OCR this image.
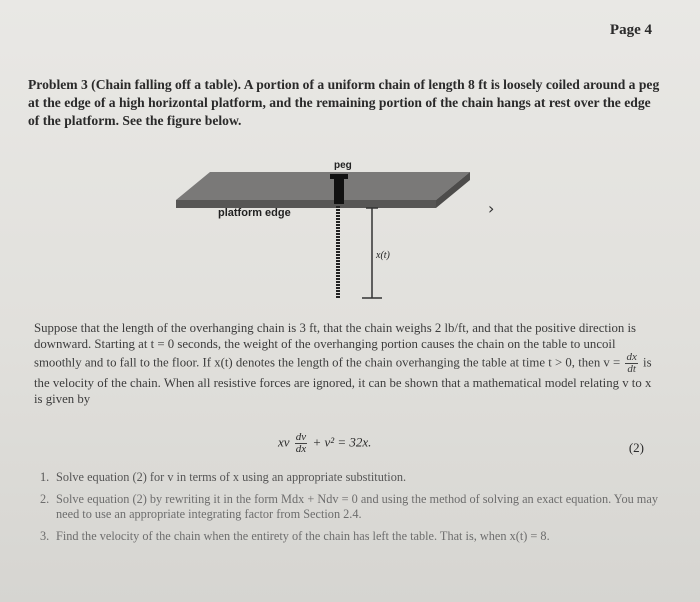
Page 4
Problem 3 (Chain falling off a table). A portion of a uniform chain of length 8 ft is loosely coiled around a peg at the edge of a high horizontal platform, and the remaining portion of the chain hangs at rest over the edge of the platform. See the figure below.
peg
platform edge
x(t)
›

Suppose that the length of the overhanging chain is 3 ft, that the chain weighs 2 lb/ft, and that the positive direction is downward. Starting at t = 0 seconds, the weight of the overhanging portion causes the chain on the table to uncoil smoothly and to fall to the floor. If x(t) denotes the length of the chain overhanging the table at time t > 0, then $v = \frac{dx}{dt}$ is the velocity of the chain. When all resistive forces are ignored, it can be shown that a mathematical model relating v to x is given by

xv $\frac{dv}{dx} + v^2 = 32x$.	(2)
1. Solve equation (2) for v in terms of x using an appropriate substitution.
2. Solve equation (2) by rewriting it in the form Mdx + Ndv = 0 and using the method of solving an exact equation. You may need to use an appropriate integrating factor from Section 2.4.
3. Find the velocity of the chain when the entirety of the chain has left the table. That is, when x(t) = 8.
